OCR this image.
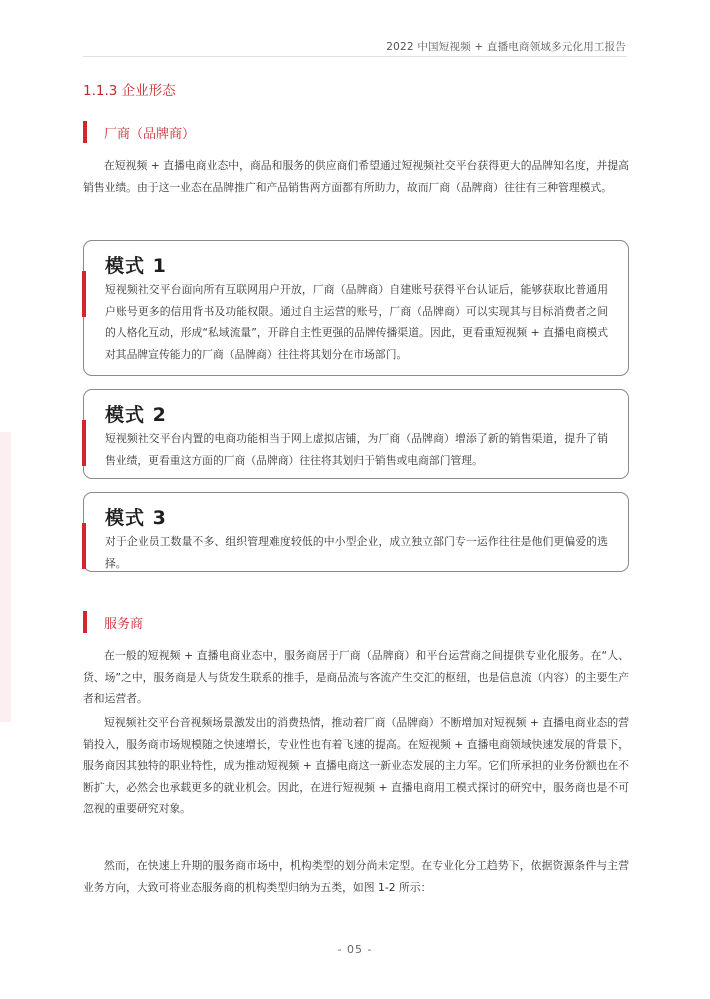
2022 中国短视频 + 直播电商领域多元化用工报告
1.1.3 企业形态
厂商（品牌商）

在短视频 + 直播电商业态中，商品和服务的供应商们希望通过短视频社交平台获得更大的品牌知名度，并提高销售业绩。由于这一业态在品牌推广和产品销售两方面都有所助力，故而厂商（品牌商）往往有三种管理模式。

模式 1

短视频社交平台面向所有互联网用户开放，厂商（品牌商）自建账号获得平台认证后，能够获取比普通用户账号更多的信用背书及功能权限。通过自主运营的账号，厂商（品牌商）可以实现其与目标消费者之间的人格化互动，形成“私域流量”，开辟自主性更强的品牌传播渠道。因此，更看重短视频 + 直播电商模式对其品牌宣传能力的厂商（品牌商）往往将其划分在市场部门。

模式 2

短视频社交平台内置的电商功能相当于网上虚拟店铺，为厂商（品牌商）增添了新的销售渠道，提升了销售业绩，更看重这方面的厂商（品牌商）往往将其划归于销售或电商部门管理。

模式 3

对于企业员工数量不多、组织管理难度较低的中小型企业，成立独立部门专一运作往往是他们更偏爱的选择。

服务商

在一般的短视频 + 直播电商业态中，服务商居于厂商（品牌商）和平台运营商之间提供专业化服务。在“人、货、场”之中，服务商是人与货发生联系的推手，是商品流与客流产生交汇的枢纽，也是信息流（内容）的主要生产者和运营者。

短视频社交平台音视频场景激发出的消费热情，推动着厂商（品牌商）不断增加对短视频 + 直播电商业态的营销投入，服务商市场规模随之快速增长，专业性也有着飞速的提高。在短视频 + 直播电商领域快速发展的背景下，服务商因其独特的职业特性，成为推动短视频 + 直播电商这一新业态发展的主力军。它们所承担的业务份额也在不断扩大，必然会也承载更多的就业机会。因此，在进行短视频 + 直播电商用工模式探讨的研究中，服务商也是不可忽视的重要研究对象。

然而，在快速上升期的服务商市场中，机构类型的划分尚未定型。在专业化分工趋势下，依据资源条件与主营业务方向，大致可将业态服务商的机构类型归纳为五类，如图 1-2 所示：

- 05 -
